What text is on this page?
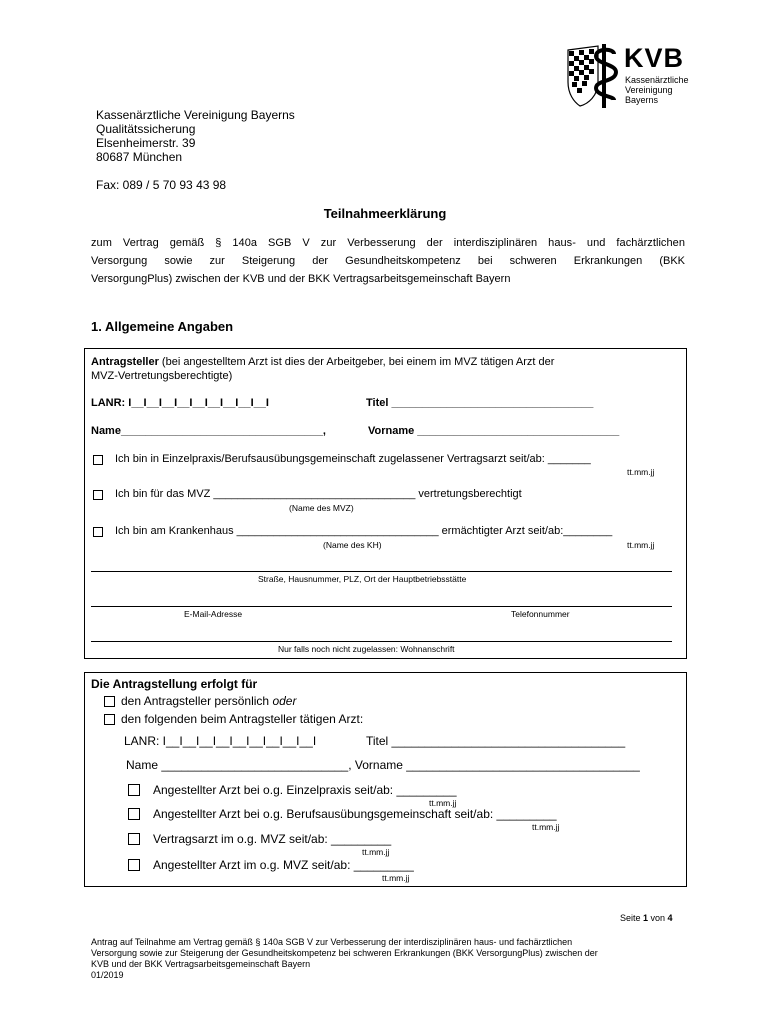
KVB
Kassenärztliche
Vereinigung
Bayerns
Kassenärztliche Vereinigung Bayerns
Qualitätssicherung
Elsenheimerstr. 39
80687 München
Fax: 089 / 5 70 93 43 98
Teilnahmeerklärung
zum Vertrag gemäß § 140a SGB V zur Verbesserung der interdisziplinären haus- und fachärztlichen
Versorgung sowie zur Steigerung der Gesundheitskompetenz bei schweren Erkrankungen (BKK
VersorgungPlus) zwischen der KVB und der BKK Vertragsarbeitsgemeinschaft Bayern
1. Allgemeine Angaben
Antragsteller (bei angestelltem Arzt ist dies der Arbeitgeber, bei einem im MVZ tätigen Arzt der
MVZ-Vertretungsberechtigte)
LANR: I__I__I__I__I__I__I__I__I__I	Titel _________________________________
Name_________________________________,	Vorname _________________________________
Ich bin in Einzelpraxis/Berufsausübungsgemeinschaft zugelassener Vertragsarzt seit/ab: _______
tt.mm.jj
Ich bin für das MVZ _________________________________ vertretungsberechtigt
(Name des MVZ)
Ich bin am Krankenhaus _________________________________ ermächtigter Arzt seit/ab:________
(Name des KH)	tt.mm.jj
Straße, Hausnummer, PLZ, Ort der Hauptbetriebsstätte
E-Mail-Adresse	Telefonnummer
Nur falls noch nicht zugelassen: Wohnanschrift
Die Antragstellung erfolgt für
den Antragsteller persönlich oder
den folgenden beim Antragsteller tätigen Arzt:
LANR: I__I__I__I__I__I__I__I__I__I	Titel ___________________________________
Name ____________________________, Vorname ___________________________________
Angestellter Arzt bei o.g. Einzelpraxis seit/ab: _________
tt.mm.jj
Angestellter Arzt bei o.g. Berufsausübungsgemeinschaft seit/ab: _________
tt.mm.jj
Vertragsarzt im o.g. MVZ seit/ab: _________
tt.mm.jj
Angestellter Arzt im o.g. MVZ seit/ab: _________
tt.mm.jj
Seite 1 von 4
Antrag auf Teilnahme am Vertrag gemäß § 140a SGB V zur Verbesserung der interdisziplinären haus- und fachärztlichen
Versorgung sowie zur Steigerung der Gesundheitskompetenz bei schweren Erkrankungen (BKK VersorgungPlus) zwischen der
KVB und der BKK Vertragsarbeitsgemeinschaft Bayern
01/2019
